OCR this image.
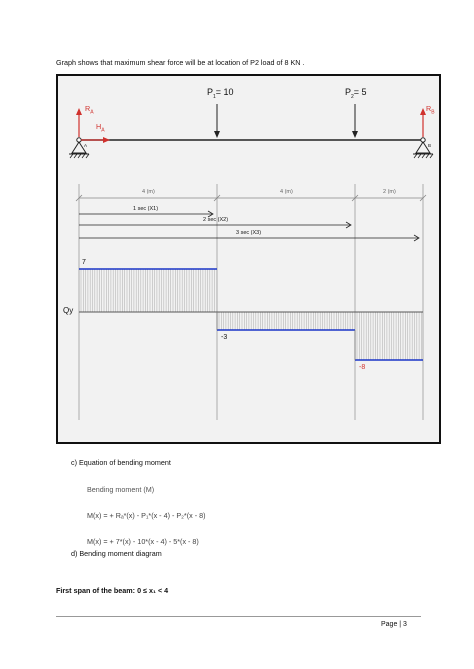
Graph shows that maximum shear force will be at location of P2 load of 8 KN .
$R_A$
$H_A$
$R_B$
A	B
$P_1= 10$	$P_2= 5$
4 (m)	4 (m)	2 (m)
1 sec (X1)
2 sec (X2)
3 sec (X3)
Qy
7
-3
-8
c) Equation of bending moment
Bending moment (M)
M(x) = + Rₐ*(x) - P₁*(x - 4) - P₂*(x - 8)
M(x) = + 7*(x) - 10*(x - 4) - 5*(x - 8)
d) Bending moment diagram
First span of the beam: 0 ≤ x₁ < 4
Page | 3
